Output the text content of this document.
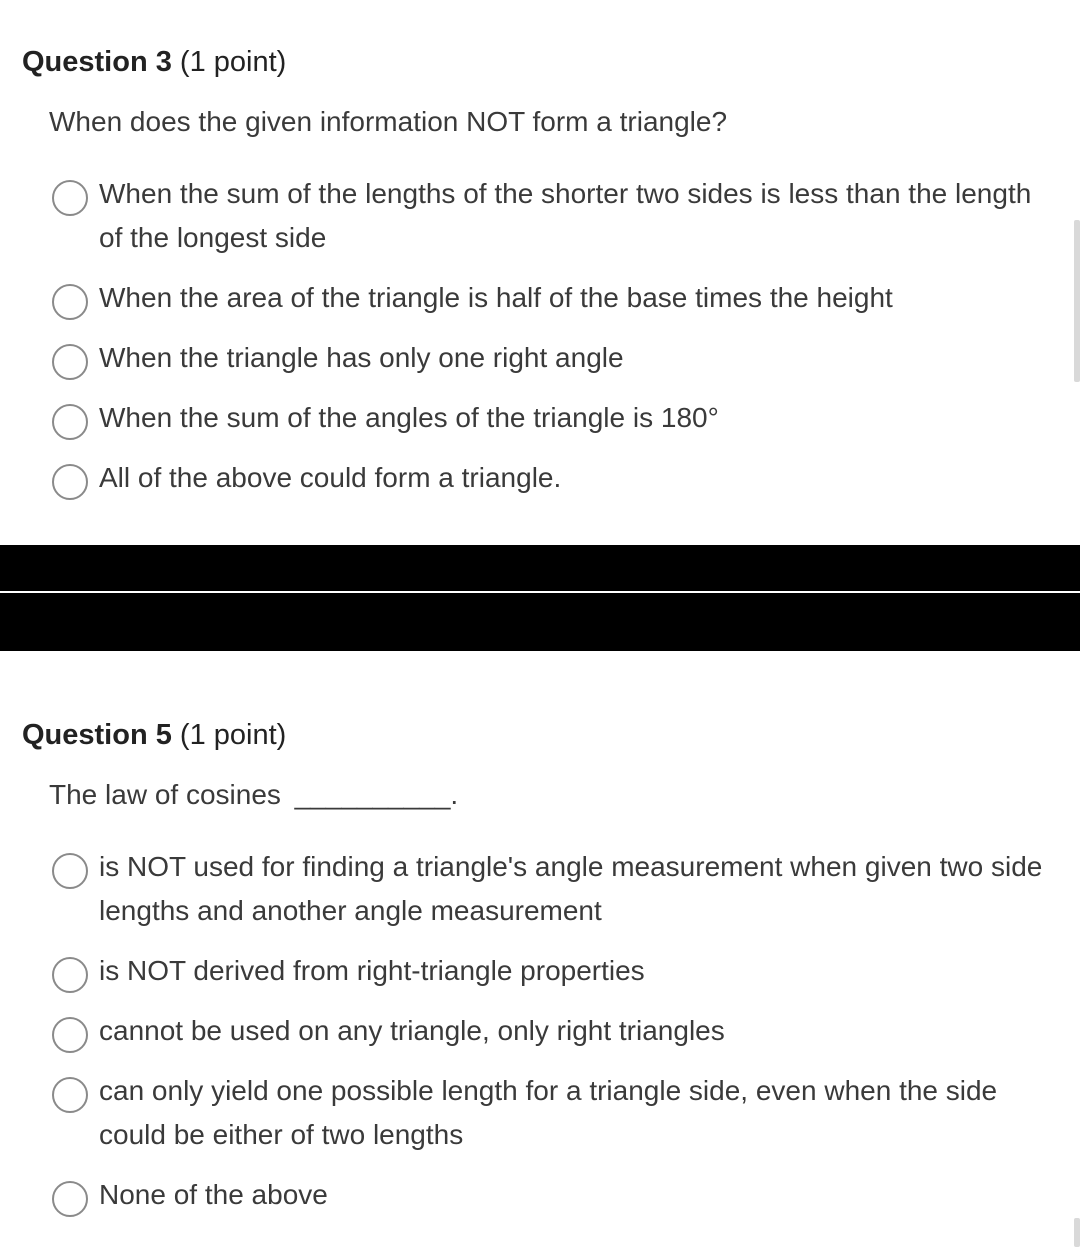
Question 3 (1 point)
When does the given information NOT form a triangle?
When the sum of the lengths of the shorter two sides is less than the length of the longest side
When the area of the triangle is half of the base times the height
When the triangle has only one right angle
When the sum of the angles of the triangle is 180°
All of the above could form a triangle.
Question 5 (1 point)
The law of cosines __________.
is NOT used for finding a triangle's angle measurement when given two side lengths and another angle measurement
is NOT derived from right-triangle properties
cannot be used on any triangle, only right triangles
can only yield one possible length for a triangle side, even when the side could be either of two lengths
None of the above
